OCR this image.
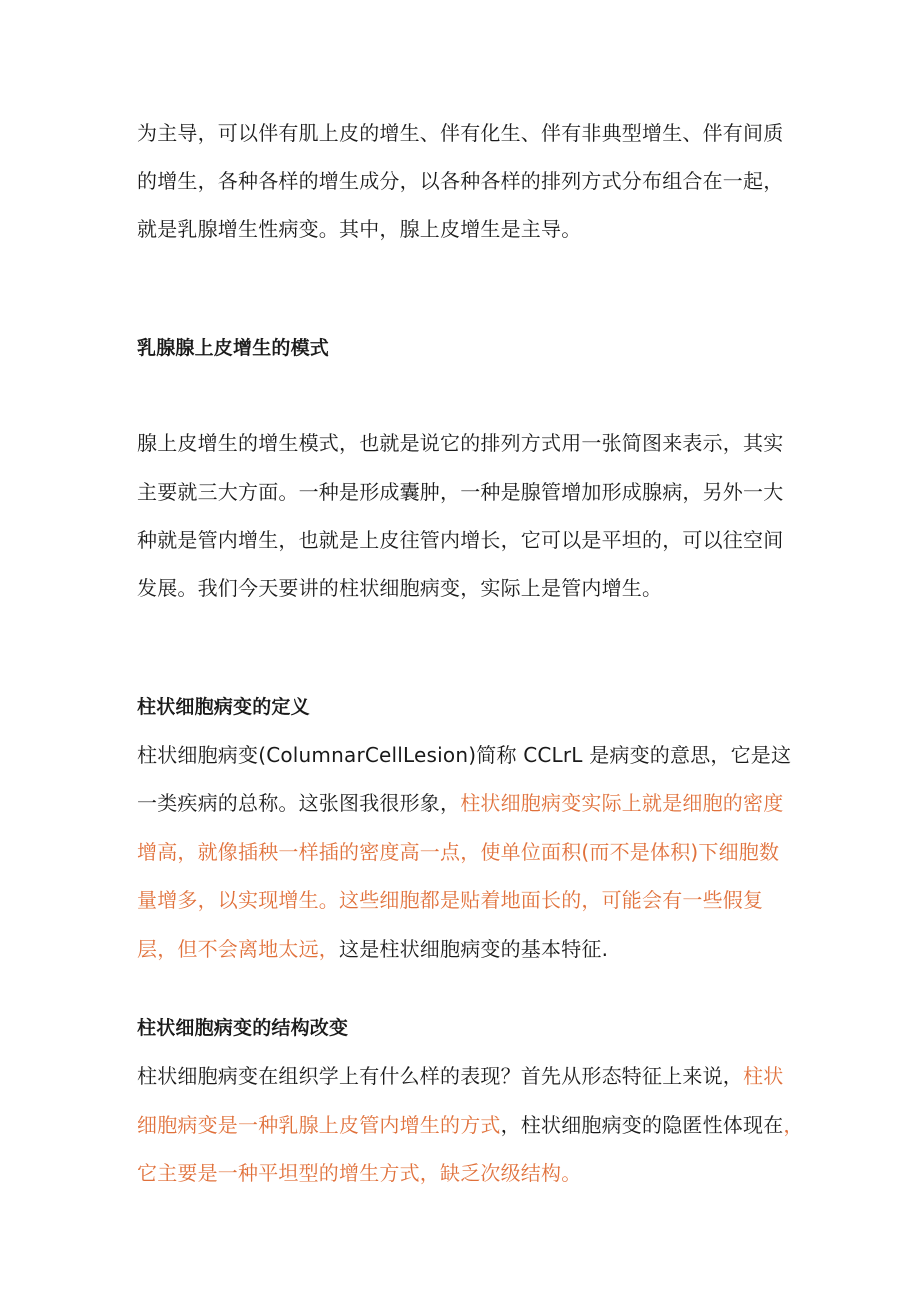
为主导，可以伴有肌上皮的增生、伴有化生、伴有非典型增生、伴有间质
的增生，各种各样的增生成分，以各种各样的排列方式分布组合在一起，
就是乳腺增生性病变。其中，腺上皮增生是主导。
乳腺腺上皮增生的模式
腺上皮增生的增生模式，也就是说它的排列方式用一张简图来表示，其实
主要就三大方面。一种是形成囊肿，一种是腺管增加形成腺病，另外一大
种就是管内增生，也就是上皮往管内增长，它可以是平坦的，可以往空间
发展。我们今天要讲的柱状细胞病变，实际上是管内增生。
柱状细胞病变的定义
柱状细胞病变(ColumnarCellLesion)简称 CCLrL 是病变的意思，它是这
一类疾病的总称。这张图我很形象，柱状细胞病变实际上就是细胞的密度
增高，就像插秧一样插的密度高一点，使单位面积(而不是体积)下细胞数
量增多，以实现增生。这些细胞都是贴着地面长的，可能会有一些假复
层，但不会离地太远，这是柱状细胞病变的基本特征.
柱状细胞病变的结构改变
柱状细胞病变在组织学上有什么样的表现？首先从形态特征上来说，柱状
细胞病变是一种乳腺上皮管内增生的方式，柱状细胞病变的隐匿性体现在，
它主要是一种平坦型的增生方式，缺乏次级结构。
